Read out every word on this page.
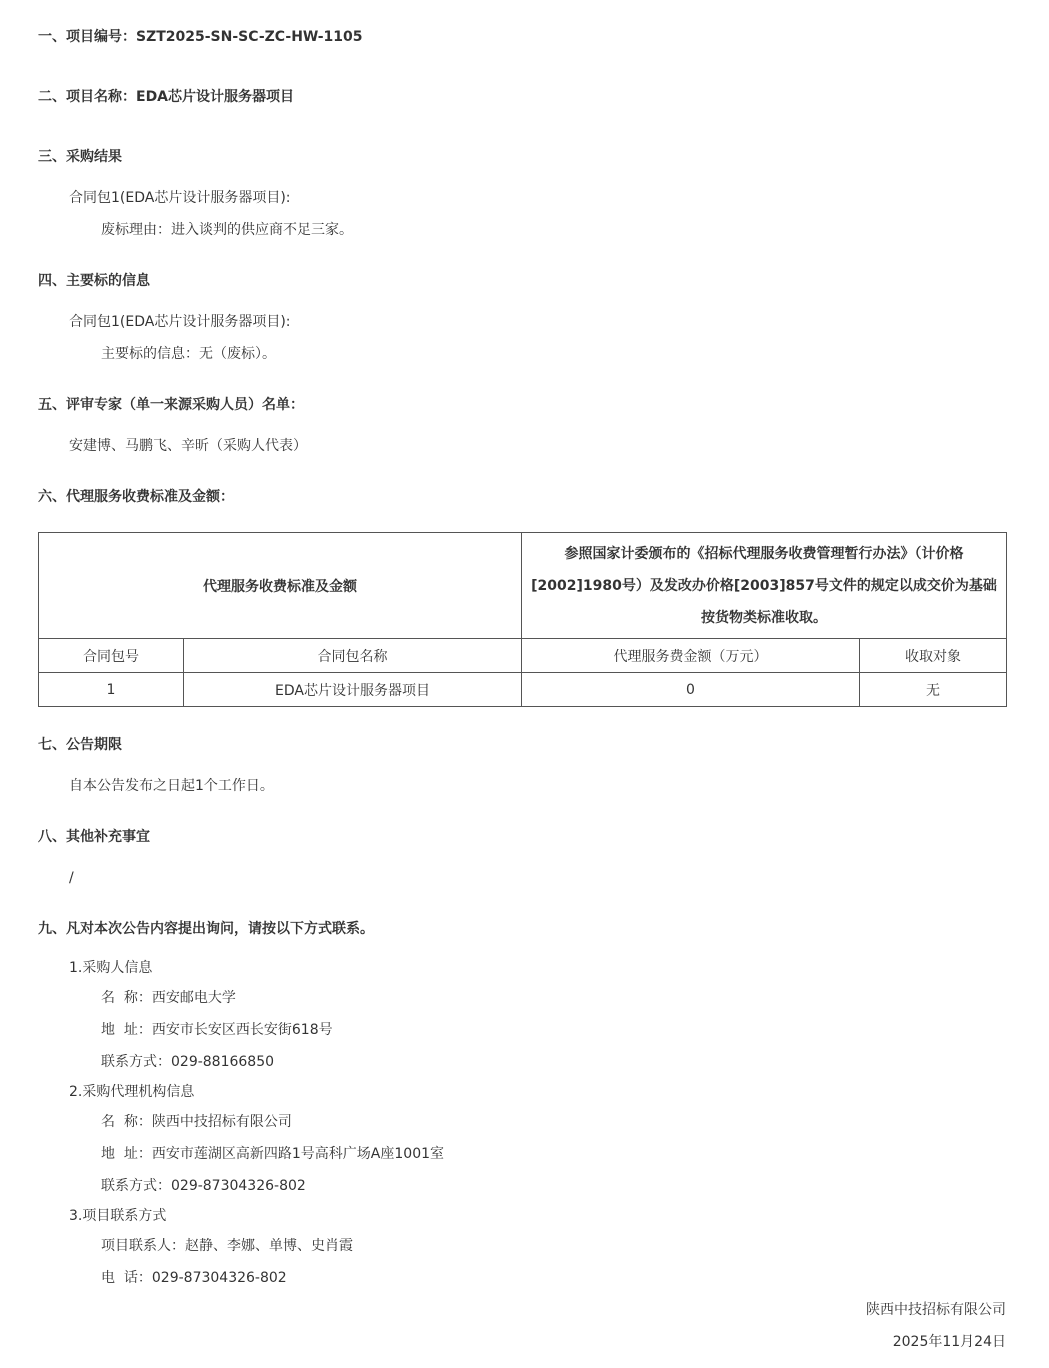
一、项目编号：SZT2025-SN-SC-ZC-HW-1105
二、项目名称：EDA芯片设计服务器项目
三、采购结果
合同包1(EDA芯片设计服务器项目):
废标理由：进入谈判的供应商不足三家。
四、主要标的信息
合同包1(EDA芯片设计服务器项目):
主要标的信息：无（废标）。
五、评审专家（单一来源采购人员）名单：
安建博、马鹏飞、辛昕（采购人代表）
六、代理服务收费标准及金额：
代理服务收费标准及金额		参照国家计委颁布的《招标代理服务收费管理暂行办法》（计价格[2002]1980号）及发改办价格[2003]857号文件的规定以成交价为基础按货物类标准收取。	
合同包号	合同包名称	代理服务费金额（万元）	收取对象
1	EDA芯片设计服务器项目	0	无
七、公告期限
自本公告发布之日起1个工作日。
八、其他补充事宜
/
九、凡对本次公告内容提出询问，请按以下方式联系。
1.采购人信息
名  称：西安邮电大学
地  址：西安市长安区西长安街618号
联系方式：029-88166850
2.采购代理机构信息
名  称：陕西中技招标有限公司
地  址：西安市莲湖区高新四路1号高科广场A座1001室
联系方式：029-87304326-802
3.项目联系方式
项目联系人：赵静、李娜、单博、史肖霞
电  话：029-87304326-802
陕西中技招标有限公司
2025年11月24日
